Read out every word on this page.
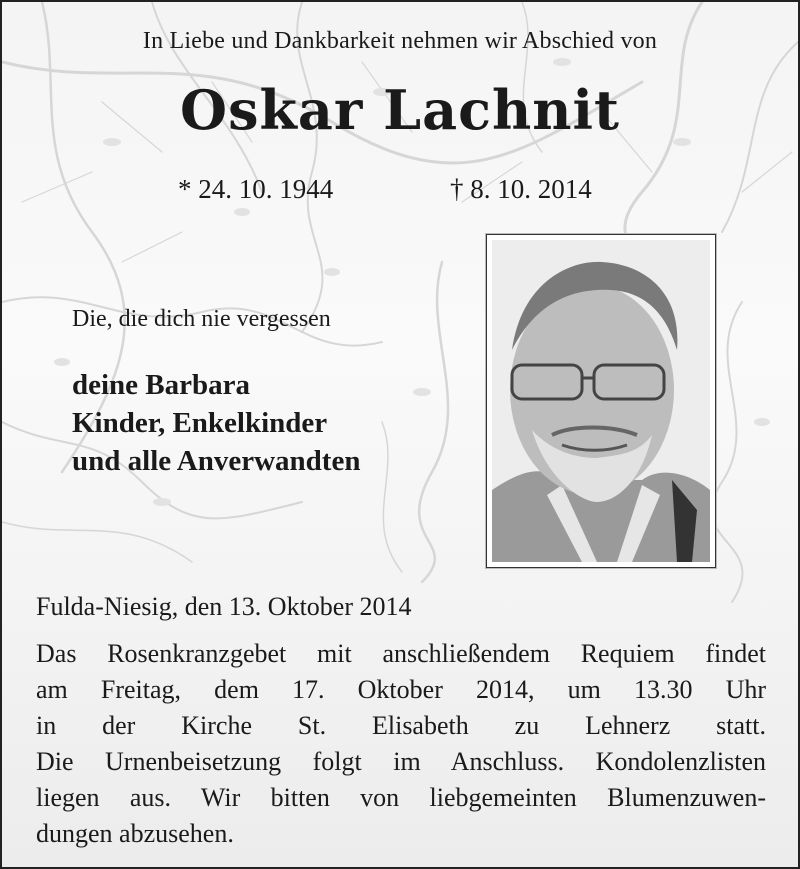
In Liebe und Dankbarkeit nehmen wir Abschied von
Oskar Lachnit
* 24. 10. 1944	† 8. 10. 2014
Die, die dich nie vergessen
deine Barbara
Kinder, Enkelkinder
und alle Anverwandten
Fulda-Niesig, den 13. Oktober 2014
Das Rosenkranzgebet mit anschließendem Requiem findet
am Freitag, dem 17. Oktober 2014, um 13.30 Uhr
in der Kirche St. Elisabeth zu Lehnerz statt.
Die Urnenbeisetzung folgt im Anschluss. Kondolenzlisten
liegen aus. Wir bitten von liebgemeinten Blumenzuwen-
dungen abzusehen.
